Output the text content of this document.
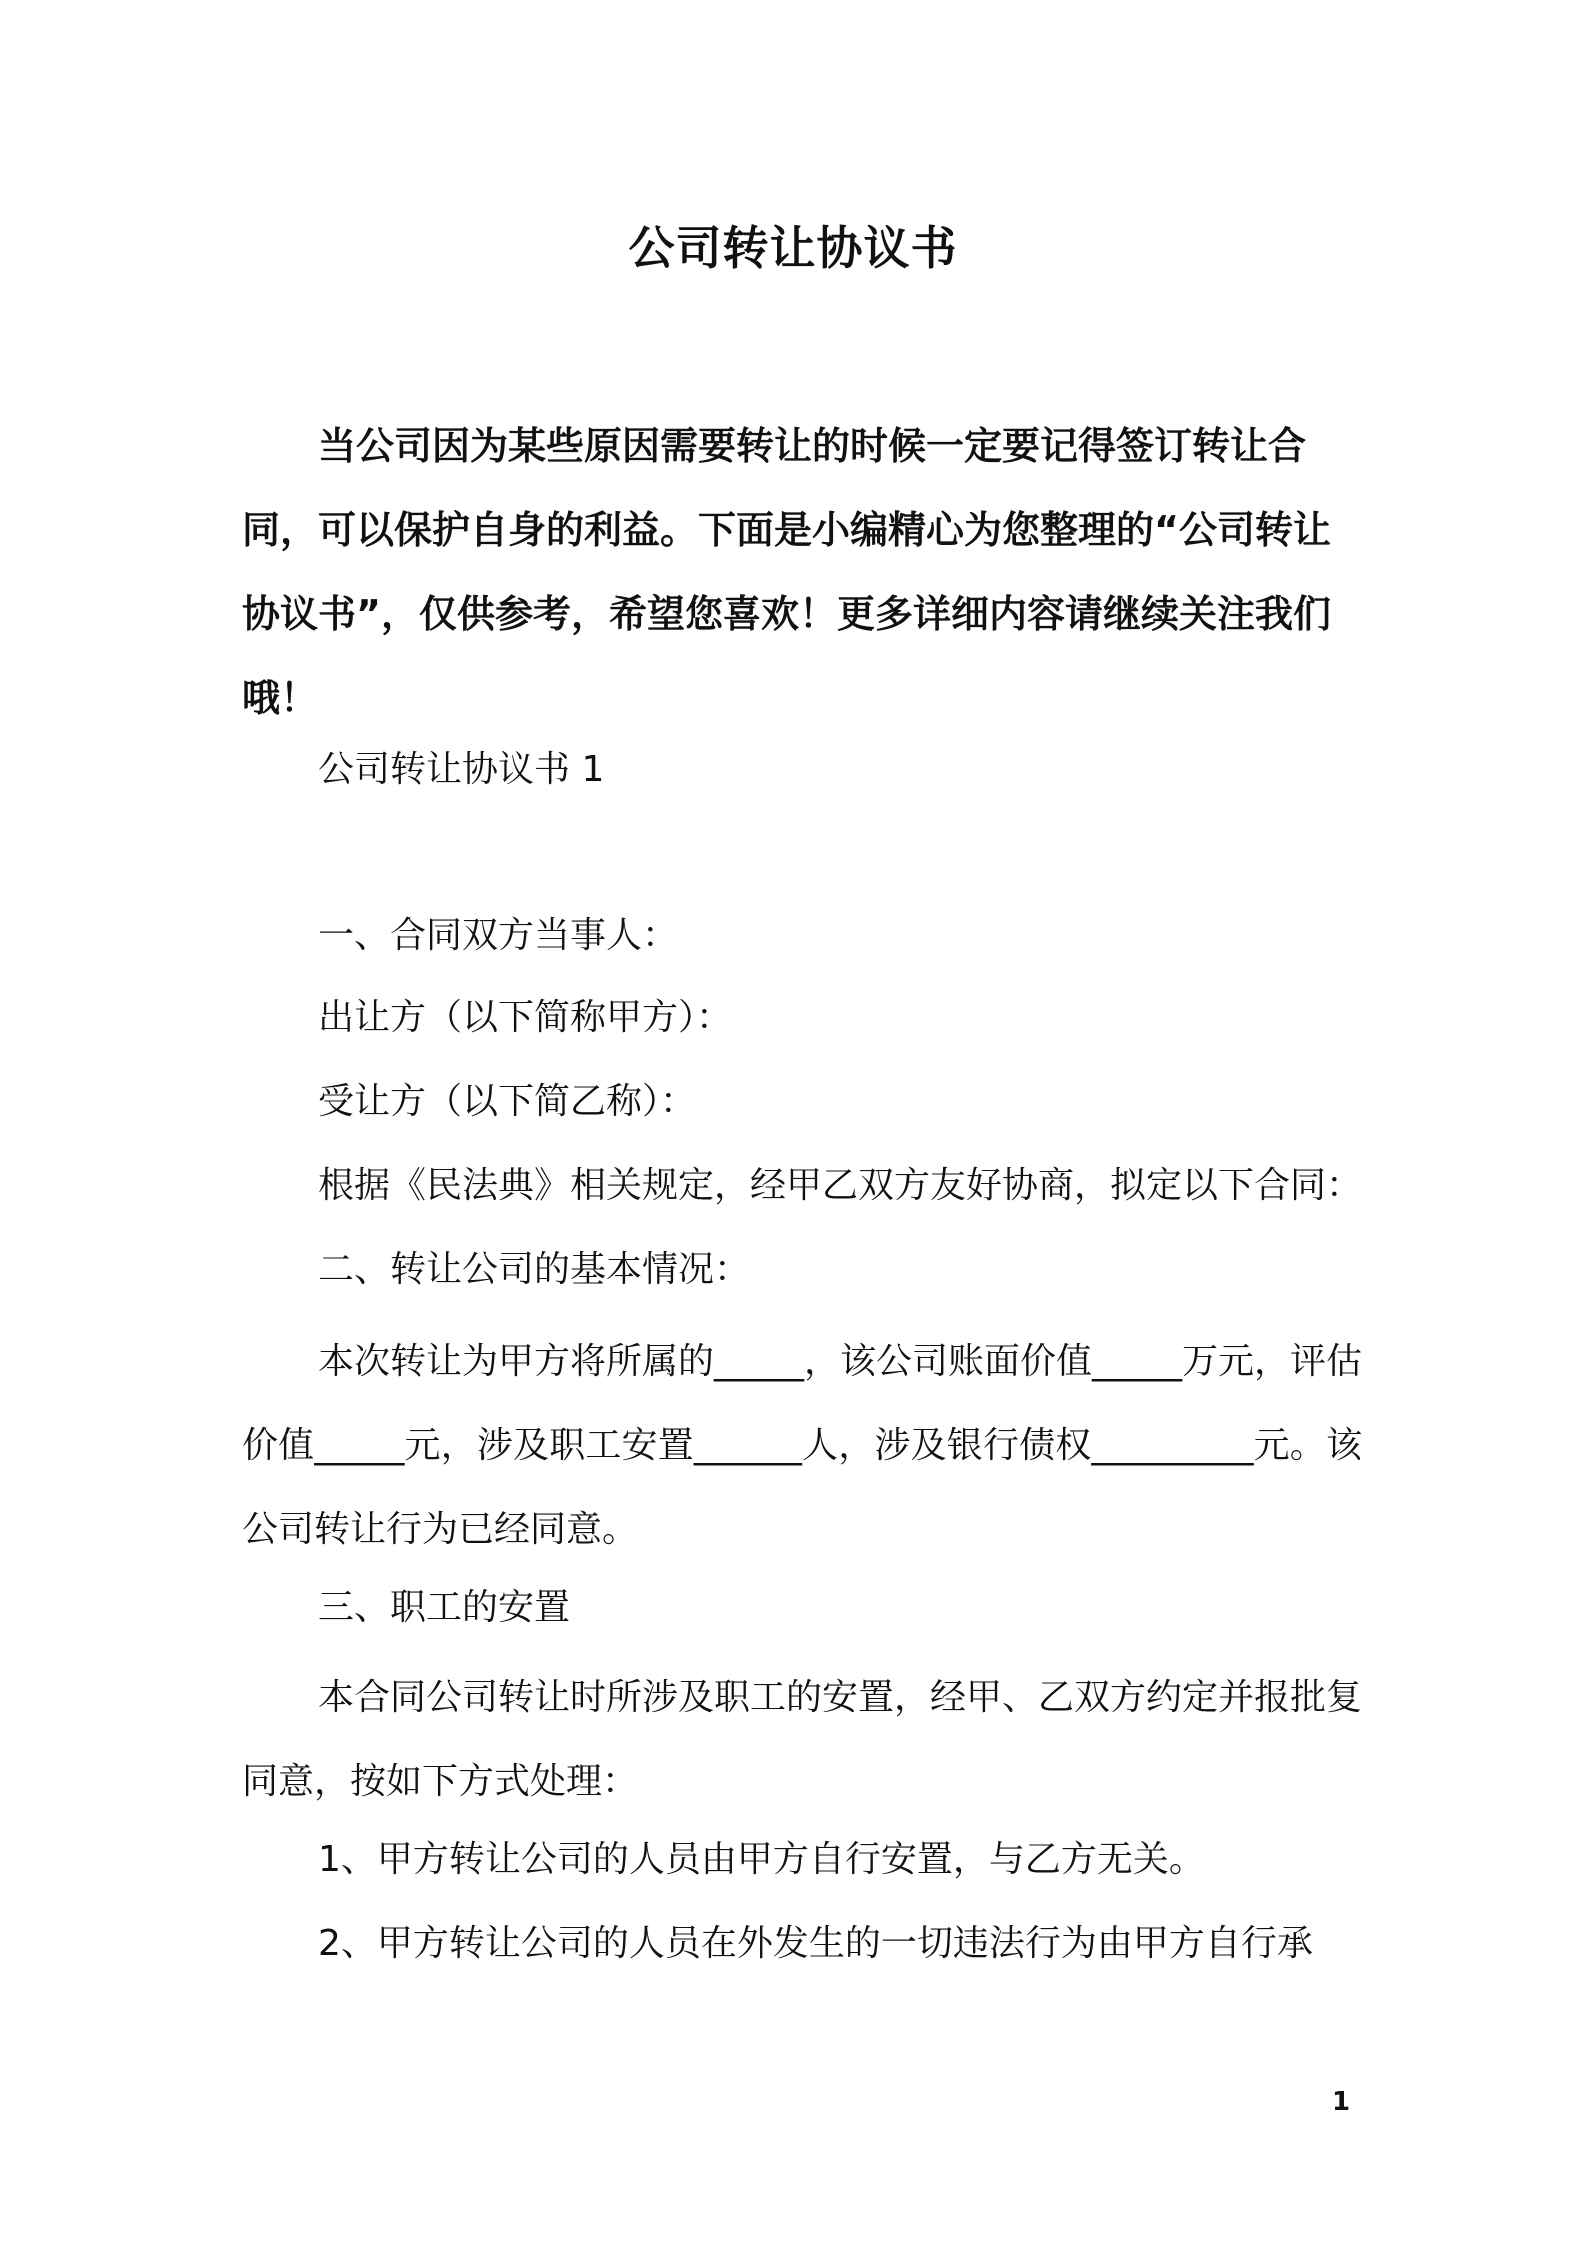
公司转让协议书
当公司因为某些原因需要转让的时候一定要记得签订转让合同，可以保护自身的利益。下面是小编精心为您整理的“公司转让协议书”，仅供参考，希望您喜欢！更多详细内容请继续关注我们哦！
公司转让协议书 1
一、合同双方当事人：
出让方（以下简称甲方）：
受让方（以下简乙称）：
根据《民法典》相关规定，经甲乙双方友好协商，拟定以下合同：
二、转让公司的基本情况：
本次转让为甲方将所属的_____，该公司账面价值_____万元，评估价值_____元，涉及职工安置______人，涉及银行债权_________元。该公司转让行为已经同意。
三、职工的安置
本合同公司转让时所涉及职工的安置，经甲、乙双方约定并报批复同意，按如下方式处理：
1、甲方转让公司的人员由甲方自行安置，与乙方无关。
2、甲方转让公司的人员在外发生的一切违法行为由甲方自行承
1
